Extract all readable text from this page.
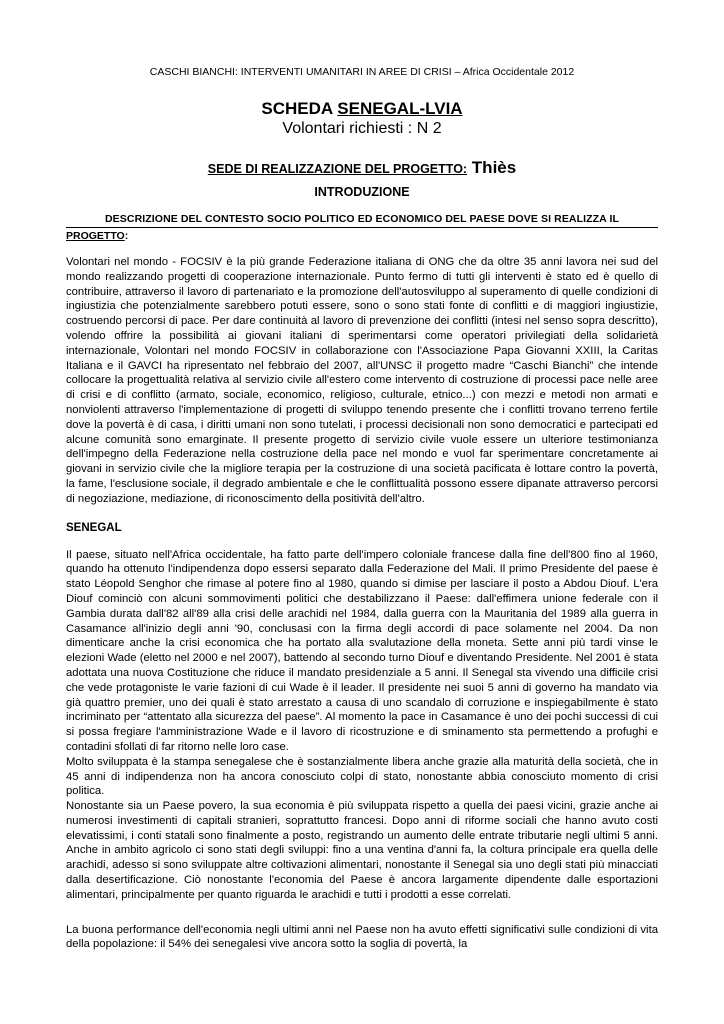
CASCHI BIANCHI: INTERVENTI UMANITARI IN AREE DI CRISI – Africa Occidentale 2012
SCHEDA SENEGAL-LVIA
Volontari richiesti : N 2
SEDE DI REALIZZAZIONE DEL PROGETTO: Thiès
INTRODUZIONE
DESCRIZIONE DEL CONTESTO SOCIO POLITICO ED ECONOMICO DEL PAESE DOVE SI REALIZZA IL
PROGETTO:

Volontari nel mondo - FOCSIV è la più grande Federazione italiana di ONG che da oltre 35 anni lavora nei sud del mondo realizzando progetti di cooperazione internazionale. Punto fermo di tutti gli interventi è stato ed è quello di contribuire, attraverso il lavoro di partenariato e la promozione dell'autosviluppo al superamento di quelle condizioni di ingiustizia che potenzialmente sarebbero potuti essere, sono o sono stati fonte di conflitti e di maggiori ingiustizie, costruendo percorsi di pace. Per dare continuità al lavoro di prevenzione dei conflitti (intesi nel senso sopra descritto), volendo offrire la possibilità ai giovani italiani di sperimentarsi come operatori privilegiati della solidarietà internazionale, Volontari nel mondo FOCSIV in collaborazione con l'Associazione Papa Giovanni XXIII, la Caritas Italiana e il GAVCI ha ripresentato nel febbraio del 2007, all'UNSC il progetto madre “Caschi Bianchi” che intende collocare la progettualità relativa al servizio civile all'estero come intervento di costruzione di processi pace nelle aree di crisi e di conflitto (armato, sociale, economico, religioso, culturale, etnico...) con mezzi e metodi non armati e nonviolenti attraverso l'implementazione di progetti di sviluppo tenendo presente che i conflitti trovano terreno fertile dove la povertà è di casa, i diritti umani non sono tutelati, i processi decisionali non sono democratici e partecipati ed alcune comunità sono emarginate. Il presente progetto di servizio civile vuole essere un ulteriore testimonianza dell'impegno della Federazione nella costruzione della pace nel mondo e vuol far sperimentare concretamente ai giovani in servizio civile che la migliore terapia per la costruzione di una società pacificata è lottare contro la povertà, la fame, l'esclusione sociale, il degrado ambientale e che le conflittualità possono essere dipanate attraverso percorsi di negoziazione, mediazione, di riconoscimento della positività dell'altro.

SENEGAL

Il paese, situato nell'Africa occidentale, ha fatto parte dell'impero coloniale francese dalla fine dell'800 fino al 1960, quando ha ottenuto l'indipendenza dopo essersi separato dalla Federazione del Mali. Il primo Presidente del paese è stato Léopold Senghor che rimase al potere fino al 1980, quando si dimise per lasciare il posto a Abdou Diouf. L'era Diouf cominciò con alcuni sommovimenti politici che destabilizzano il Paese: dall'effimera unione federale con il Gambia durata dall'82 all'89 alla crisi delle arachidi nel 1984, dalla guerra con la Mauritania del 1989 alla guerra in Casamance all'inizio degli anni '90, conclusasi con la firma degli accordi di pace solamente nel 2004. Da non dimenticare anche la crisi economica che ha portato alla svalutazione della moneta. Sette anni più tardi vinse le elezioni Wade (eletto nel 2000 e nel 2007), battendo al secondo turno Diouf e diventando Presidente. Nel 2001 è stata adottata una nuova Costituzione che riduce il mandato presidenziale a 5 anni. Il Senegal sta vivendo una difficile crisi che vede protagoniste le varie fazioni di cui Wade è il leader. Il presidente nei suoi 5 anni di governo ha mandato via già quattro premier, uno dei quali è stato arrestato a causa di uno scandalo di corruzione e inspiegabilmente è stato incriminato per “attentato alla sicurezza del paese”. Al momento la pace in Casamance è uno dei pochi successi di cui si possa fregiare l'amministrazione Wade e il lavoro di ricostruzione e di sminamento sta permettendo a profughi e contadini sfollati di far ritorno nelle loro case.

Molto sviluppata è la stampa senegalese che è sostanzialmente libera anche grazie alla maturità della società, che in 45 anni di indipendenza non ha ancora conosciuto colpi di stato, nonostante abbia conosciuto momento di crisi politica.

Nonostante sia un Paese povero, la sua economia è più sviluppata rispetto a quella dei paesi vicini, grazie anche ai numerosi investimenti di capitali stranieri, soprattutto francesi. Dopo anni di riforme sociali che hanno avuto costi elevatissimi, i conti statali sono finalmente a posto, registrando un aumento delle entrate tributarie negli ultimi 5 anni. Anche in ambito agricolo ci sono stati degli sviluppi: fino a una ventina d'anni fa, la coltura principale era quella delle arachidi, adesso si sono sviluppate altre coltivazioni alimentari, nonostante il Senegal sia uno degli stati più minacciati dalla desertificazione. Ciò nonostante l'economia del Paese è ancora largamente dipendente dalle esportazioni alimentari, principalmente per quanto riguarda le arachidi e tutti i prodotti a esse correlati.

La buona performance dell'economia negli ultimi anni nel Paese non ha avuto effetti significativi sulle condizioni di vita della popolazione: il 54% dei senegalesi vive ancora sotto la soglia di povertà, la
